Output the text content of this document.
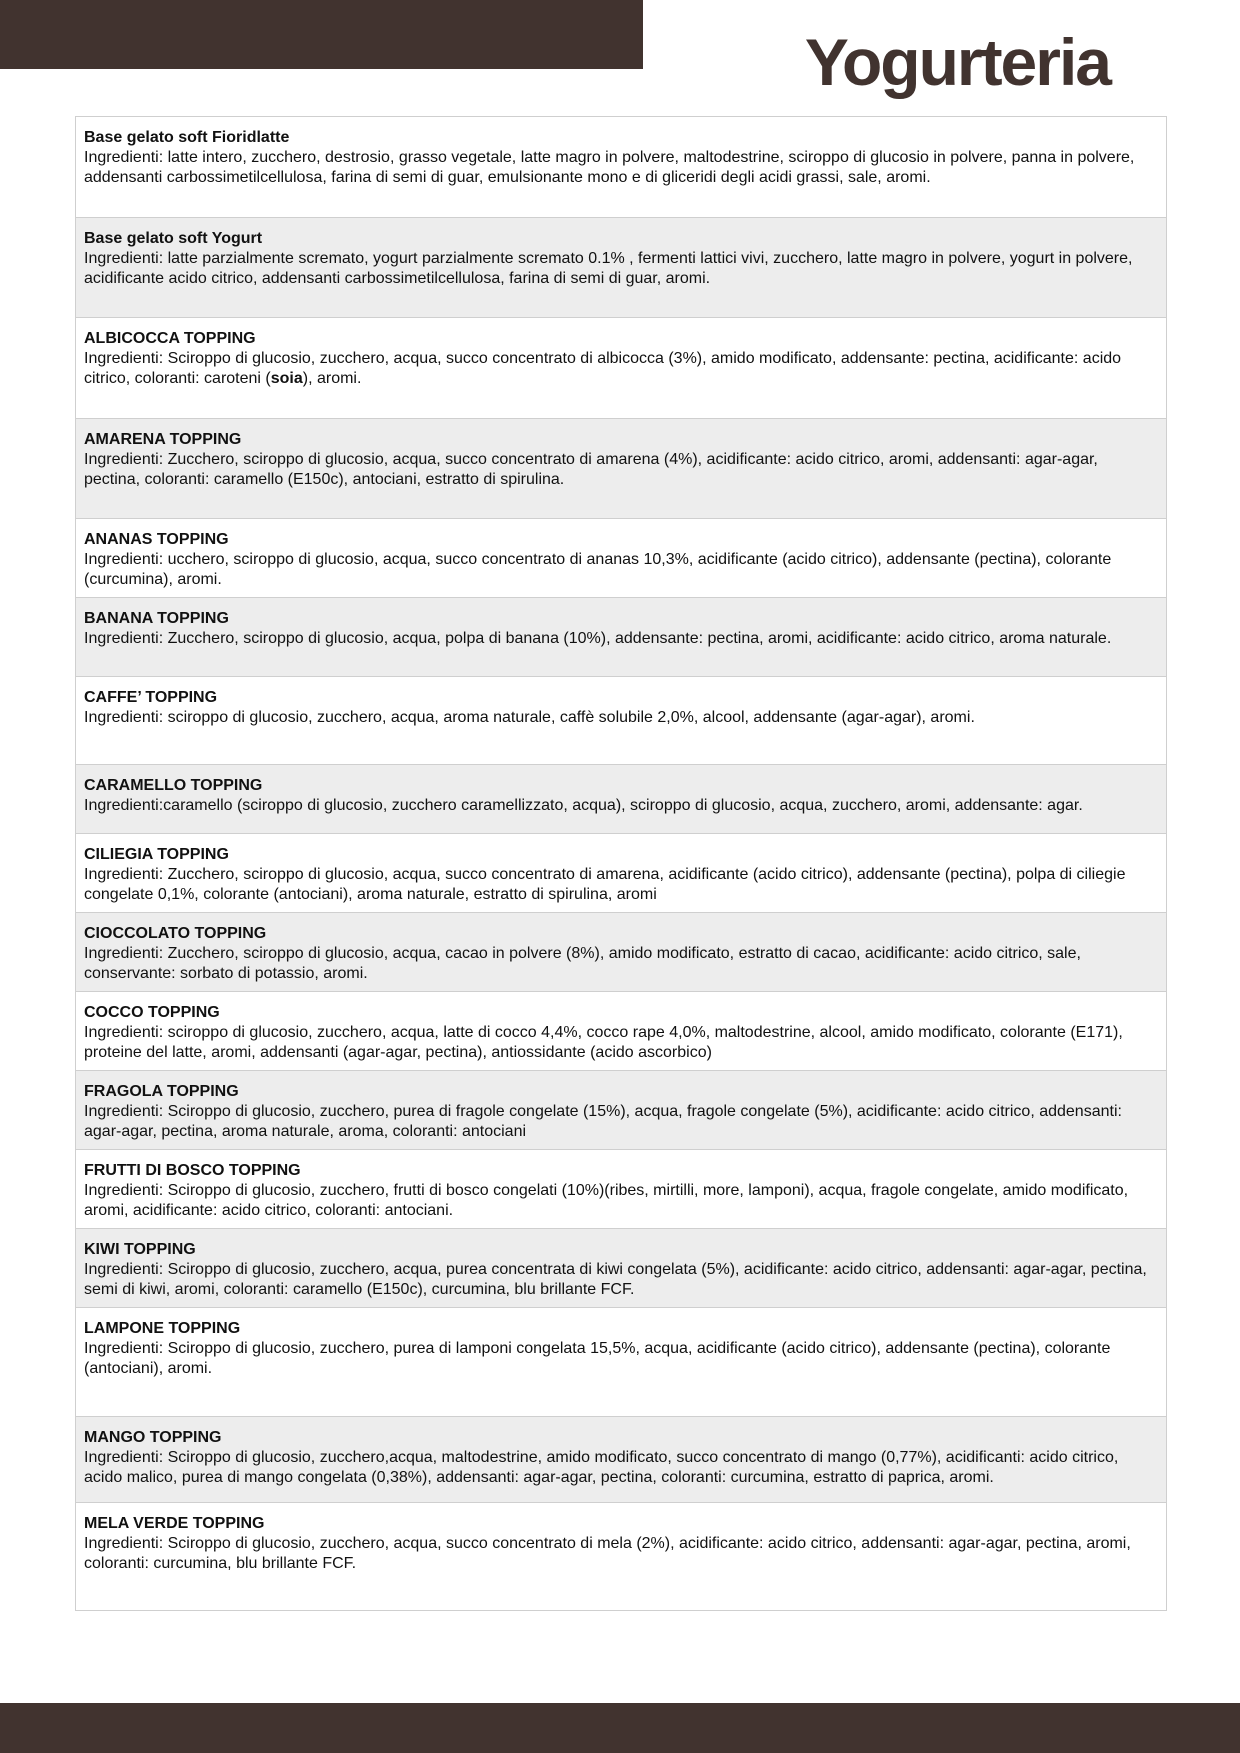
Yogurteria
Base gelato soft Fioridlatte
Ingredienti: latte intero, zucchero, destrosio, grasso vegetale, latte magro in polvere, maltodestrine, sciroppo di glucosio in polvere, panna in polvere, addensanti carbossimetilcellulosa, farina di semi di guar, emulsionante mono e di gliceridi degli acidi grassi, sale, aromi.
Base gelato soft Yogurt
Ingredienti: latte parzialmente scremato, yogurt parzialmente scremato 0.1% , fermenti lattici vivi, zucchero, latte magro in polvere, yogurt in polvere, acidificante acido citrico, addensanti carbossimetilcellulosa, farina di semi di guar, aromi.
ALBICOCCA TOPPING
Ingredienti: Sciroppo di glucosio, zucchero, acqua, succo concentrato di albicocca (3%), amido modificato, addensante: pectina, acidificante: acido citrico, coloranti: caroteni (soia), aromi.
AMARENA TOPPING
Ingredienti: Zucchero, sciroppo di glucosio, acqua, succo concentrato di amarena (4%), acidificante: acido citrico, aromi, addensanti: agar-agar, pectina, coloranti: caramello (E150c), antociani, estratto di spirulina.
ANANAS TOPPING
Ingredienti: ucchero, sciroppo di glucosio, acqua, succo concentrato di ananas 10,3%, acidificante (acido citrico), addensante (pectina), colorante (curcumina), aromi.
BANANA TOPPING
Ingredienti: Zucchero, sciroppo di glucosio, acqua, polpa di banana (10%), addensante: pectina, aromi, acidificante: acido citrico, aroma naturale.
CAFFE’ TOPPING
Ingredienti: sciroppo di glucosio, zucchero, acqua, aroma naturale, caffè solubile 2,0%, alcool, addensante (agar-agar), aromi.
CARAMELLO TOPPING
Ingredienti:caramello (sciroppo di glucosio, zucchero caramellizzato, acqua), sciroppo di glucosio, acqua, zucchero, aromi, addensante: agar.
CILIEGIA TOPPING
Ingredienti: Zucchero, sciroppo di glucosio, acqua, succo concentrato di amarena, acidificante (acido citrico), addensante (pectina), polpa di ciliegie congelate 0,1%, colorante (antociani), aroma naturale, estratto di spirulina, aromi
CIOCCOLATO TOPPING
Ingredienti: Zucchero, sciroppo di glucosio, acqua, cacao in polvere (8%), amido modificato, estratto di cacao, acidificante: acido citrico, sale, conservante: sorbato di potassio, aromi.
COCCO TOPPING
Ingredienti: sciroppo di glucosio, zucchero, acqua, latte di cocco 4,4%, cocco rape 4,0%, maltodestrine, alcool, amido modificato, colorante (E171), proteine del latte, aromi, addensanti (agar-agar, pectina), antiossidante (acido ascorbico)
FRAGOLA TOPPING
Ingredienti: Sciroppo di glucosio, zucchero, purea di fragole congelate (15%), acqua, fragole congelate (5%), acidificante: acido citrico, addensanti: agar-agar, pectina, aroma naturale, aroma, coloranti: antociani
FRUTTI DI BOSCO TOPPING
Ingredienti: Sciroppo di glucosio, zucchero, frutti di bosco congelati (10%)(ribes, mirtilli, more, lamponi), acqua, fragole congelate, amido modificato, aromi, acidificante: acido citrico, coloranti: antociani.
KIWI TOPPING
Ingredienti: Sciroppo di glucosio, zucchero, acqua, purea concentrata di kiwi congelata (5%), acidificante: acido citrico, addensanti: agar-agar, pectina, semi di kiwi, aromi, coloranti: caramello (E150c), curcumina, blu brillante FCF.
LAMPONE TOPPING
Ingredienti: Sciroppo di glucosio, zucchero, purea di lamponi congelata 15,5%, acqua, acidificante (acido citrico), addensante (pectina), colorante (antociani), aromi.
MANGO TOPPING
Ingredienti: Sciroppo di glucosio, zucchero,acqua, maltodestrine, amido modificato, succo concentrato di mango (0,77%), acidificanti: acido citrico, acido malico, purea di mango congelata (0,38%), addensanti: agar-agar, pectina, coloranti: curcumina, estratto di paprica, aromi.
MELA VERDE TOPPING
Ingredienti: Sciroppo di glucosio, zucchero, acqua, succo concentrato di mela (2%), acidificante: acido citrico, addensanti: agar-agar, pectina, aromi, coloranti: curcumina, blu brillante FCF.
